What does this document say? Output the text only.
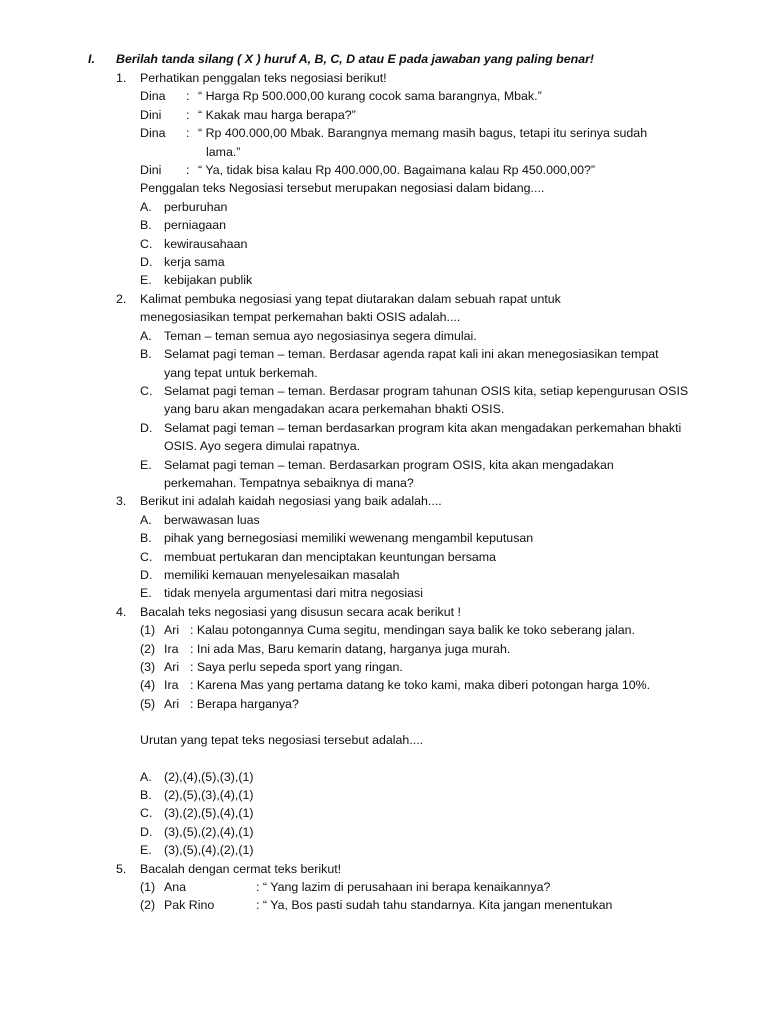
I. Berilah tanda silang ( X ) huruf A, B, C, D atau E pada jawaban yang paling benar!
1. Perhatikan penggalan teks negosiasi berikut!
Dina	: “ Harga Rp 500.000,00 kurang cocok sama barangnya, Mbak.”
Dini	: “ Kakak mau harga berapa?”
Dina	: “ Rp 400.000,00 Mbak. Barangnya memang masih bagus, tetapi itu serinya sudah
lama.”
Dini	: “ Ya, tidak bisa kalau Rp 400.000,00. Bagaimana kalau Rp 450.000,00?”
Penggalan teks Negosiasi tersebut merupakan negosiasi dalam bidang....
A. perburuhan
B. perniagaan
C. kewirausahaan
D. kerja sama
E. kebijakan publik
2. Kalimat pembuka negosiasi yang tepat diutarakan dalam sebuah rapat untuk menegosiasikan tempat perkemahan bakti OSIS adalah....
A. Teman – teman semua ayo negosiasinya segera dimulai.
B. Selamat pagi teman – teman. Berdasar agenda rapat kali ini akan menegosiasikan tempat yang tepat untuk berkemah.
C. Selamat pagi teman – teman. Berdasar program tahunan OSIS kita, setiap kepengurusan OSIS yang baru akan mengadakan acara perkemahan bhakti OSIS.
D. Selamat pagi teman – teman berdasarkan program kita akan mengadakan perkemahan bhakti OSIS. Ayo segera dimulai rapatnya.
E. Selamat pagi teman – teman. Berdasarkan program OSIS, kita akan mengadakan perkemahan. Tempatnya sebaiknya di mana?
3. Berikut ini adalah kaidah negosiasi yang baik adalah....
A. berwawasan luas
B. pihak yang bernegosiasi memiliki wewenang mengambil keputusan
C. membuat pertukaran dan menciptakan keuntungan bersama
D. memiliki kemauan menyelesaikan masalah
E. tidak menyela argumentasi dari mitra negosiasi
4. Bacalah teks negosiasi yang disusun secara acak berikut !
(1) Ari : Kalau potongannya Cuma segitu, mendingan saya balik ke toko seberang jalan.
(2) Ira : Ini ada Mas, Baru kemarin datang, harganya juga murah.
(3) Ari : Saya perlu sepeda sport yang ringan.
(4) Ira : Karena Mas yang pertama datang ke toko kami, maka diberi potongan harga 10%.
(5) Ari : Berapa harganya?
Urutan yang tepat teks negosiasi tersebut adalah....
A. (2),(4),(5),(3),(1)
B. (2),(5),(3),(4),(1)
C. (3),(2),(5),(4),(1)
D. (3),(5),(2),(4),(1)
E. (3),(5),(4),(2),(1)
5. Bacalah dengan cermat teks berikut!
(1) Ana	: “ Yang lazim di perusahaan ini berapa kenaikannya?
(2) Pak Rino	: “ Ya, Bos pasti sudah tahu standarnya. Kita jangan menentukan
